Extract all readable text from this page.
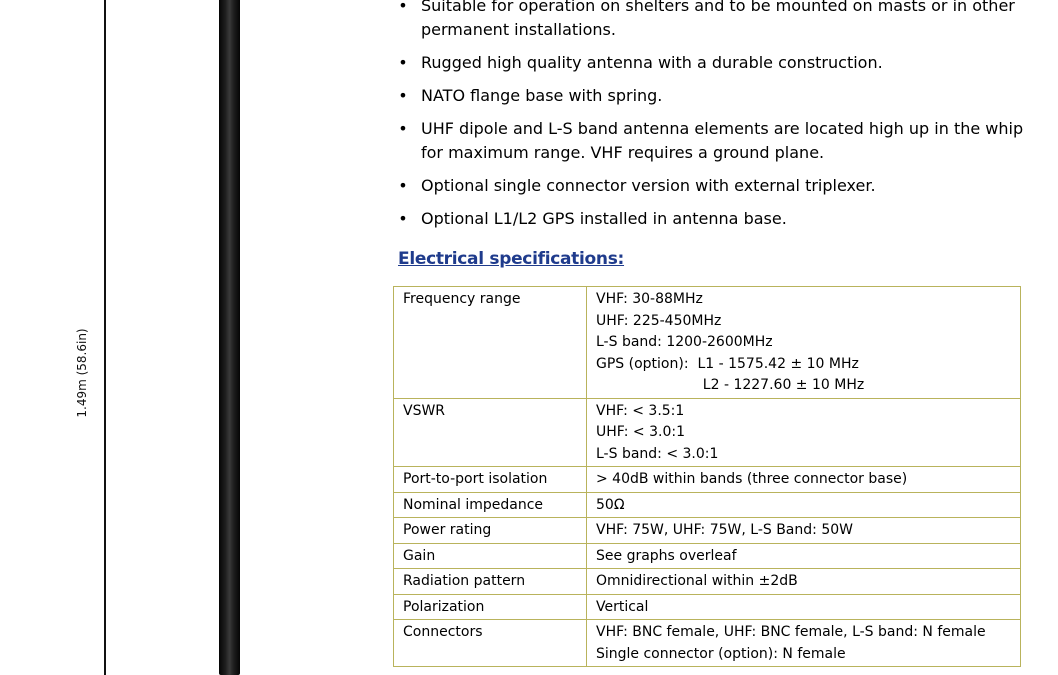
1.49m (58.6in)
• Suitable for operation on shelters and to be mounted on masts or in other permanent installations.
• Rugged high quality antenna with a durable construction.
• NATO flange base with spring.
• UHF dipole and L-S band antenna elements are located high up in the whip for maximum range. VHF requires a ground plane.
• Optional single connector version with external triplexer.
• Optional L1/L2 GPS installed in antenna base.
Electrical specifications:
Frequency range	VHF: 30-88MHz
UHF: 225-450MHz
L-S band: 1200-2600MHz
GPS (option):  L1 - 1575.42 ± 10 MHz
L2 - 1227.60 ± 10 MHz

VSWR	VHF: < 3.5:1
UHF: < 3.0:1
L-S band: < 3.0:1

Port-to-port isolation	> 40dB within bands (three connector base)

Nominal impedance	50Ω

Power rating	VHF: 75W, UHF: 75W, L-S Band: 50W

Gain	See graphs overleaf

Radiation pattern	Omnidirectional within ±2dB

Polarization	Vertical

Connectors	VHF: BNC female, UHF: BNC female, L-S band: N female
Single connector (option): N female
